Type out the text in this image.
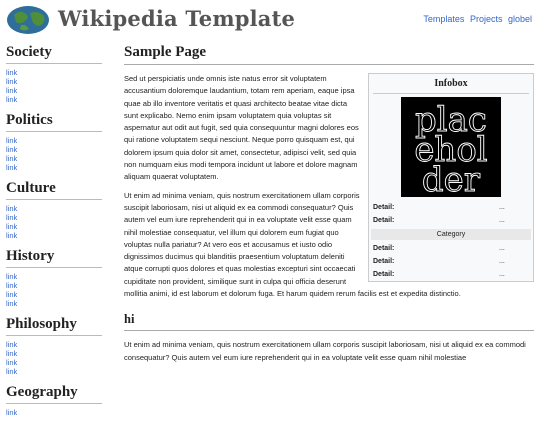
Wikipedia Template	Templates Projects globel
Society
link
link
link
link
Politics
link
link
link
link
Culture
link
link
link
link
History
link
link
link
link
Philosophy
link
link
link
link
Geography
link
Sample Page
Infobox
plac
ehol
der
Detail:	...
Detail:	...
Category
Detail:	...
Detail:	...
Detail:	...

Sed ut perspiciatis unde omnis iste natus error sit voluptatem accusantium doloremque laudantium, totam rem aperiam, eaque ipsa quae ab illo inventore veritatis et quasi architecto beatae vitae dicta sunt explicabo. Nemo enim ipsam voluptatem quia voluptas sit aspernatur aut odit aut fugit, sed quia consequuntur magni dolores eos qui ratione voluptatem sequi nesciunt. Neque porro quisquam est, qui dolorem ipsum quia dolor sit amet, consectetur, adipisci velit, sed quia non numquam eius modi tempora incidunt ut labore et dolore magnam aliquam quaerat voluptatem.

Ut enim ad minima veniam, quis nostrum exercitationem ullam corporis suscipit laboriosam, nisi ut aliquid ex ea commodi consequatur? Quis autem vel eum iure reprehenderit qui in ea voluptate velit esse quam nihil molestiae consequatur, vel illum qui dolorem eum fugiat quo voluptas nulla pariatur? At vero eos et accusamus et iusto odio dignissimos ducimus qui blanditiis praesentium voluptatum deleniti atque corrupti quos dolores et quas molestias excepturi sint occaecati cupiditate non provident, similique sunt in culpa qui officia deserunt mollitia animi, id est laborum et dolorum fuga. Et harum quidem rerum facilis est et expedita distinctio.

hi

Ut enim ad minima veniam, quis nostrum exercitationem ullam corporis suscipit laboriosam, nisi ut aliquid ex ea commodi consequatur? Quis autem vel eum iure reprehenderit qui in ea voluptate velit esse quam nihil molestiae
